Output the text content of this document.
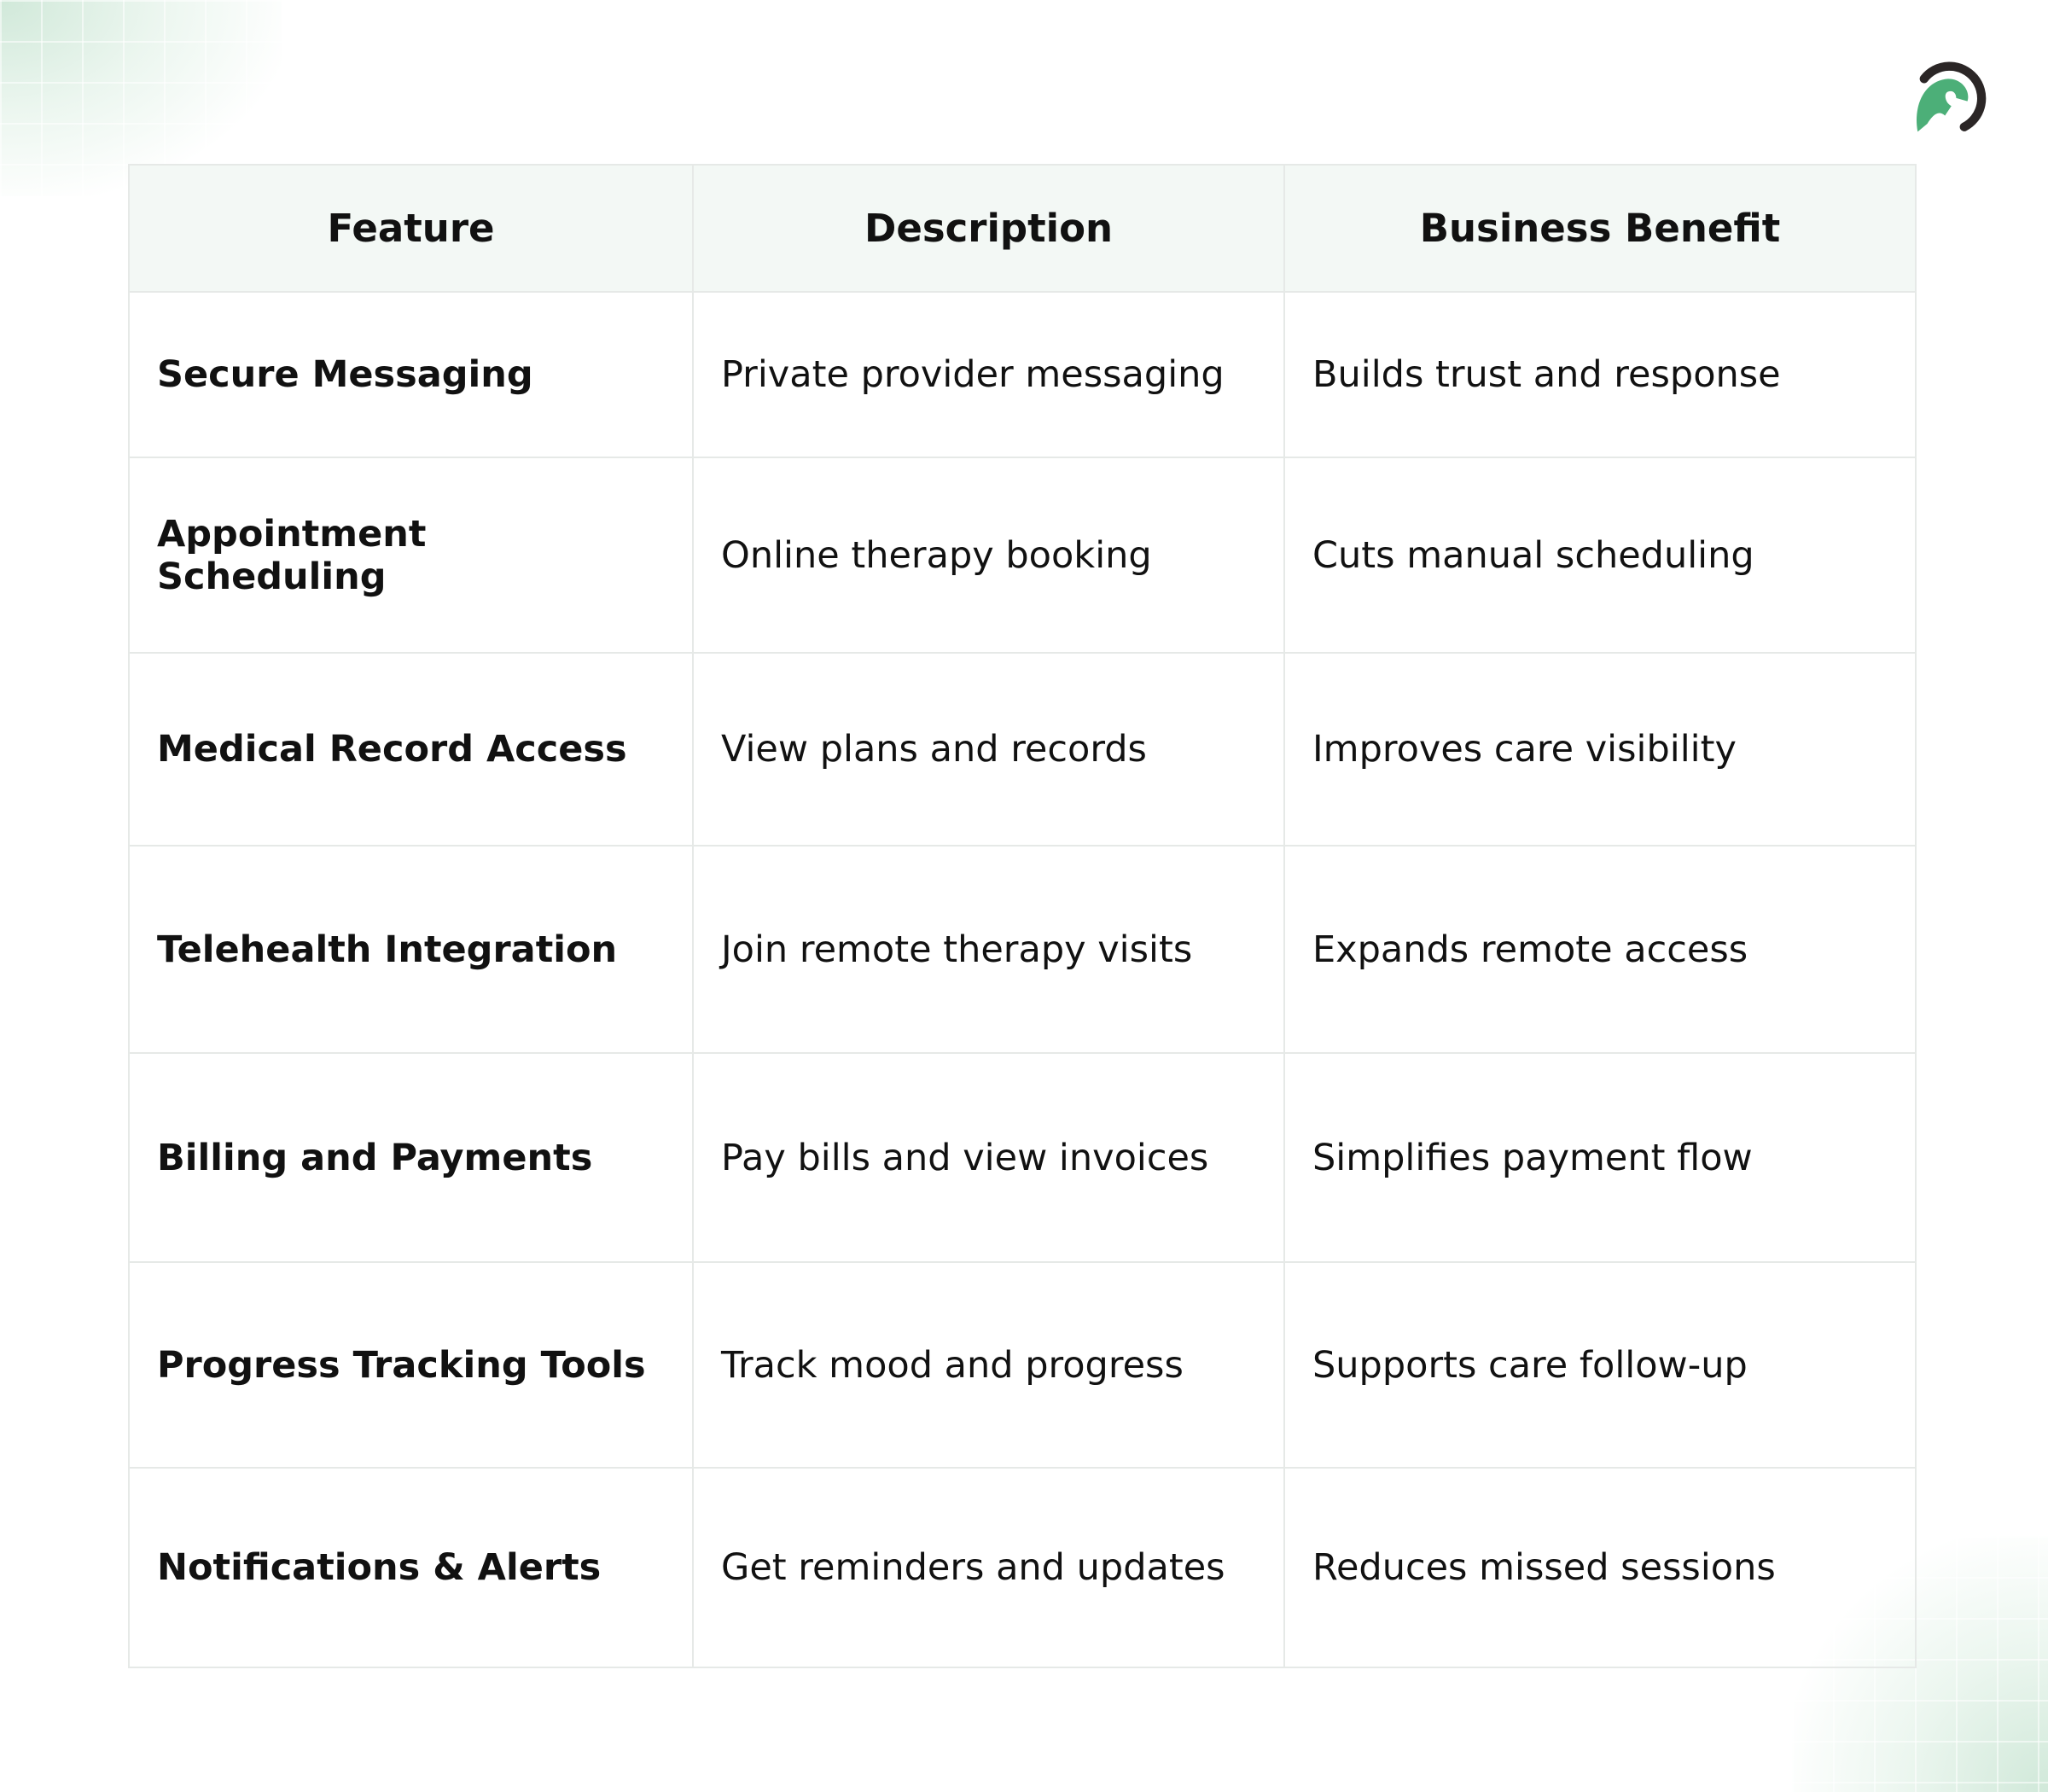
Feature	Description	Business Benefit
Secure Messaging	Private provider messaging	Builds trust and response
Appointment Scheduling	Online therapy booking	Cuts manual scheduling
Medical Record Access	View plans and records	Improves care visibility
Telehealth Integration	Join remote therapy visits	Expands remote access
Billing and Payments	Pay bills and view invoices	Simplifies payment flow
Progress Tracking Tools	Track mood and progress	Supports care follow-up
Notifications & Alerts	Get reminders and updates	Reduces missed sessions
